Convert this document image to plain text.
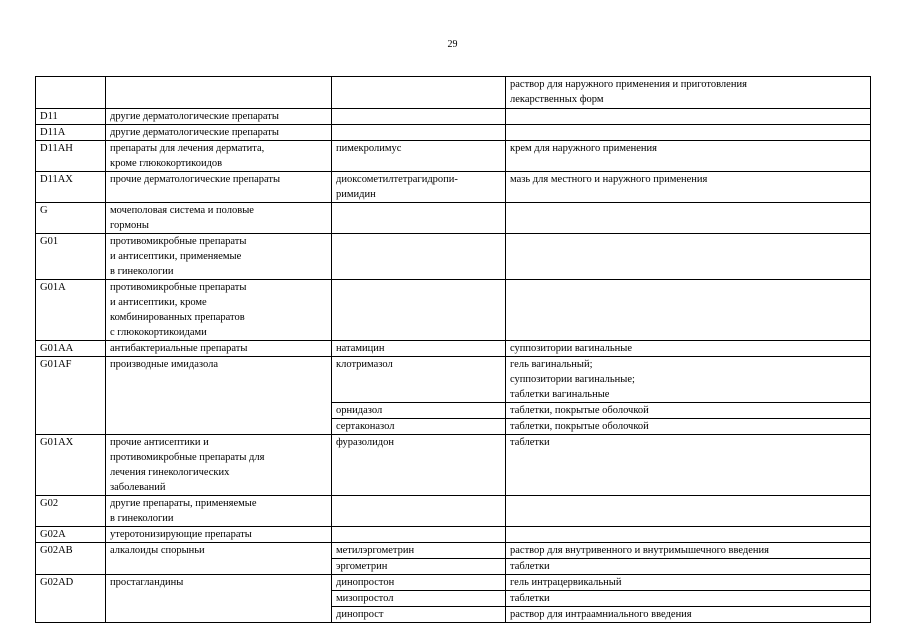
29
			раствор для наружного применения и приготовления
лекарственных форм
D11	другие дерматологические препараты		
D11A	другие дерматологические препараты		
D11AH	препараты для лечения дерматита,
кроме глюкокортикоидов	пимекролимус	крем для наружного применения
D11AX	прочие дерматологические препараты	диоксометилтетрагидропи-
римидин	мазь для местного и наружного применения
G	мочеполовая система и половые
гормоны		
G01	противомикробные препараты
и антисептики, применяемые
в гинекологии		
G01A	противомикробные препараты
и антисептики, кроме
комбинированных препаратов
с глюкокортикоидами		
G01AA	антибактериальные препараты	натамицин	суппозитории вагинальные
G01AF	производные имидазола	клотримазол	гель вагинальный;
суппозитории вагинальные;
таблетки вагинальные
		орнидазол	таблетки, покрытые оболочкой
		сертаконазол	таблетки, покрытые оболочкой
G01AX	прочие антисептики и
противомикробные препараты для
лечения гинекологических
заболеваний	фуразолидон	таблетки
G02	другие препараты, применяемые
в гинекологии		
G02A	утеротонизирующие препараты		
G02AB	алкалоиды спорыньи	метилэргометрин	раствор для внутривенного и внутримышечного введения
		эргометрин	таблетки
G02AD	простагландины	динопростон	гель интрацервикальный
		мизопростол	таблетки
		динопрост	раствор для интраамниального введения
